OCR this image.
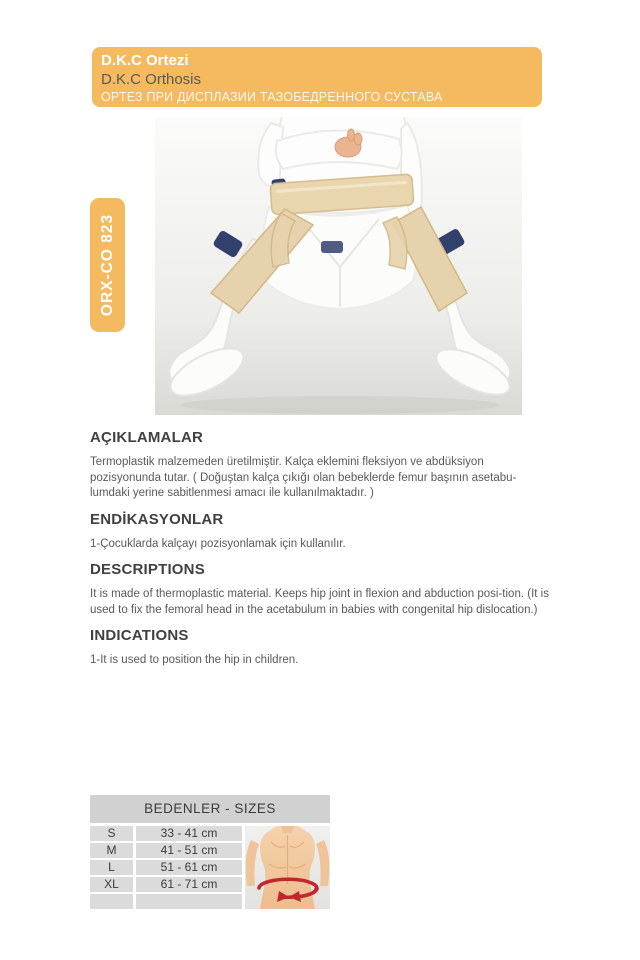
D.K.C Ortezi
D.K.C Orthosis
ОРТЕЗ ПРИ ДИСПЛАЗИИ ТАЗОБЕДРЕННОГО СУСТАВА
ORX-CO 823
AÇIKLAMALAR

Termoplastik malzemeden üretilmiştir. Kalça eklemini fleksiyon ve abdüksiyon pozisyonunda tutar. ( Doğuştan kalça çıkığı olan bebeklerde femur başının asetabu-lumdaki yerine sabitlenmesi amacı ile kullanılmaktadır. )

ENDİKASYONLAR

1-Çocuklarda kalçayı pozisyonlamak için kullanılır.

DESCRIPTIONS

It is made of thermoplastic material. Keeps hip joint in flexion and abduction posi-tion. (It is used to fix the femoral head in the acetabulum in babies with congenital hip dislocation.)

INDICATIONS

1-It is used to position the hip in children.

BEDENLER - SIZES
S	33 - 41 cm
M	41 - 51 cm
L	51 - 61 cm
XL	61 - 71 cm
